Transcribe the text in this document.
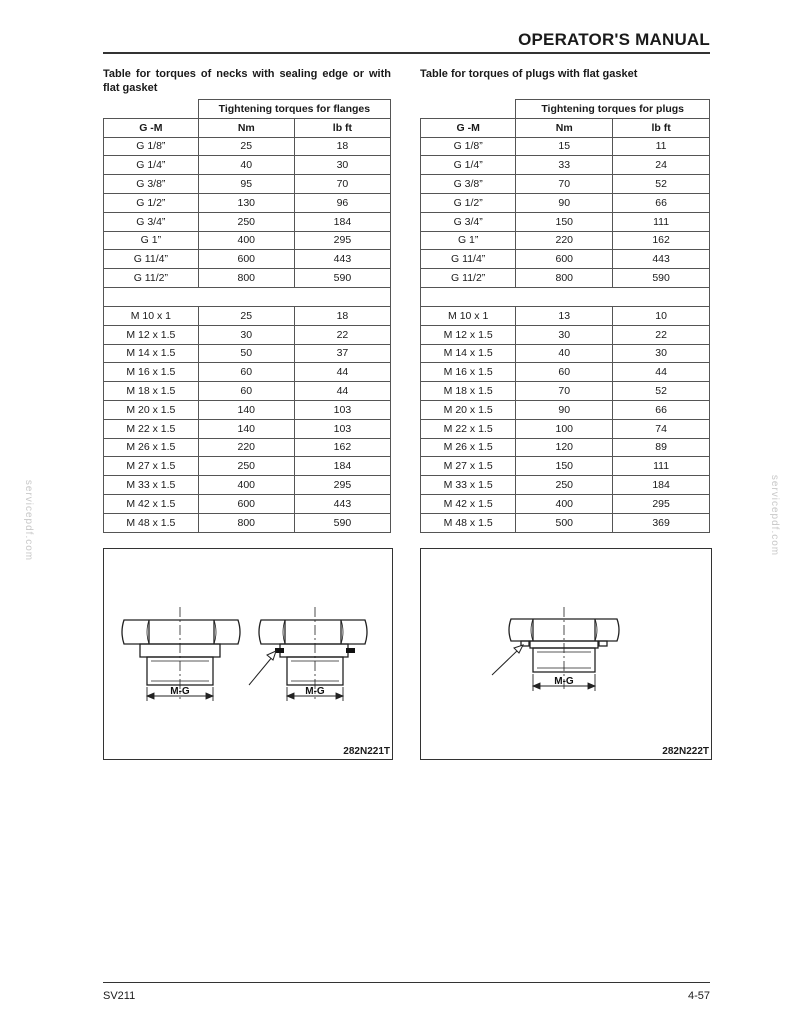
OPERATOR'S MANUAL
servicepdf.com	servicepdf.com
Table for torques of necks with sealing edge or with flat gasket
Table for torques of plugs with flat gasket
	Tightening torques for flanges	
G -M	Nm	lb ft
G 1/8”	25	18
G 1/4”	40	30
G 3/8”	95	70
G 1/2”	130	96
G 3/4”	250	184
G 1”	400	295
G 11/4”	600	443
G 11/2”	800	590

M 10 x 1	25	18
M 12 x 1.5	30	22
M 14 x 1.5	50	37
M 16 x 1.5	60	44
M 18 x 1.5	60	44
M 20 x 1.5	140	103
M 22 x 1.5	140	103
M 26 x 1.5	220	162
M 27 x 1.5	250	184
M 33 x 1.5	400	295
M 42 x 1.5	600	443
M 48 x 1.5	800	590
	Tightening torques for plugs	
G -M	Nm	lb ft
G 1/8”	15	11
G 1/4”	33	24
G 3/8”	70	52
G 1/2”	90	66
G 3/4”	150	111
G 1”	220	162
G 11/4”	600	443
G 11/2”	800	590

M 10 x 1	13	10
M 12 x 1.5	30	22
M 14 x 1.5	40	30
M 16 x 1.5	60	44
M 18 x 1.5	70	52
M 20 x 1.5	90	66
M 22 x 1.5	100	74
M 26 x 1.5	120	89
M 27 x 1.5	150	111
M 33 x 1.5	250	184
M 42 x 1.5	400	295
M 48 x 1.5	500	369
M-G	M-G
282N221T
M-G
282N222T
SV211	4-57
